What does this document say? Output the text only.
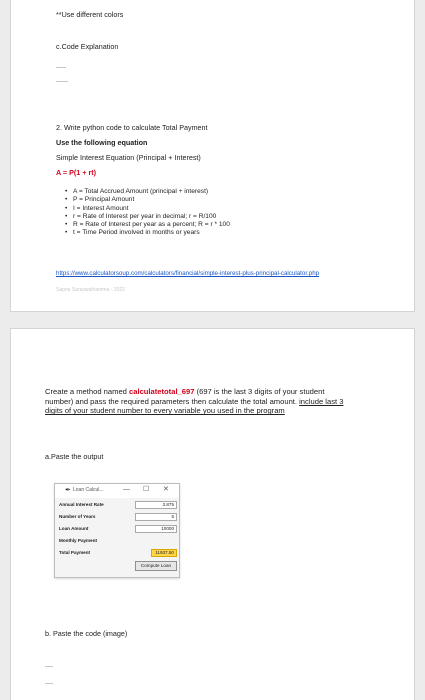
**Use different colors
c.Code Explanation
.....
......
2. Write python code to calculate Total Payment
Use the following equation
Simple Interest Equation (Principal + Interest)
A = P(1 + rt)
• A = Total Accrued Amount (principal + interest)
• P = Principal Amount
• I = Interest Amount
• r = Rate of Interest per year in decimal; r = R/100
• R = Rate of Interest per year as a percent; R = r * 100
• t = Time Period involved in months or years
https://www.calculatorsoup.com/calculators/financial/simple-interest-plus-principal-calculator.php
Sapna Saraswathamma - 2022
Create a method named calculatetotal_697 (697 is the last 3 digits of your student number) and pass the required parameters then calculate the total amount. include last 3 digits of your student number to every variable you used in the program
a.Paste the output
✒ Loan Calcul...	— ☐ ✕
Annual Interest Rate	3.875
Number of Years	5
Loan Amount	10000
Monthly Payment
Total Payment	11937.50
Compute Loan
b. Paste the code (image)
....
....
